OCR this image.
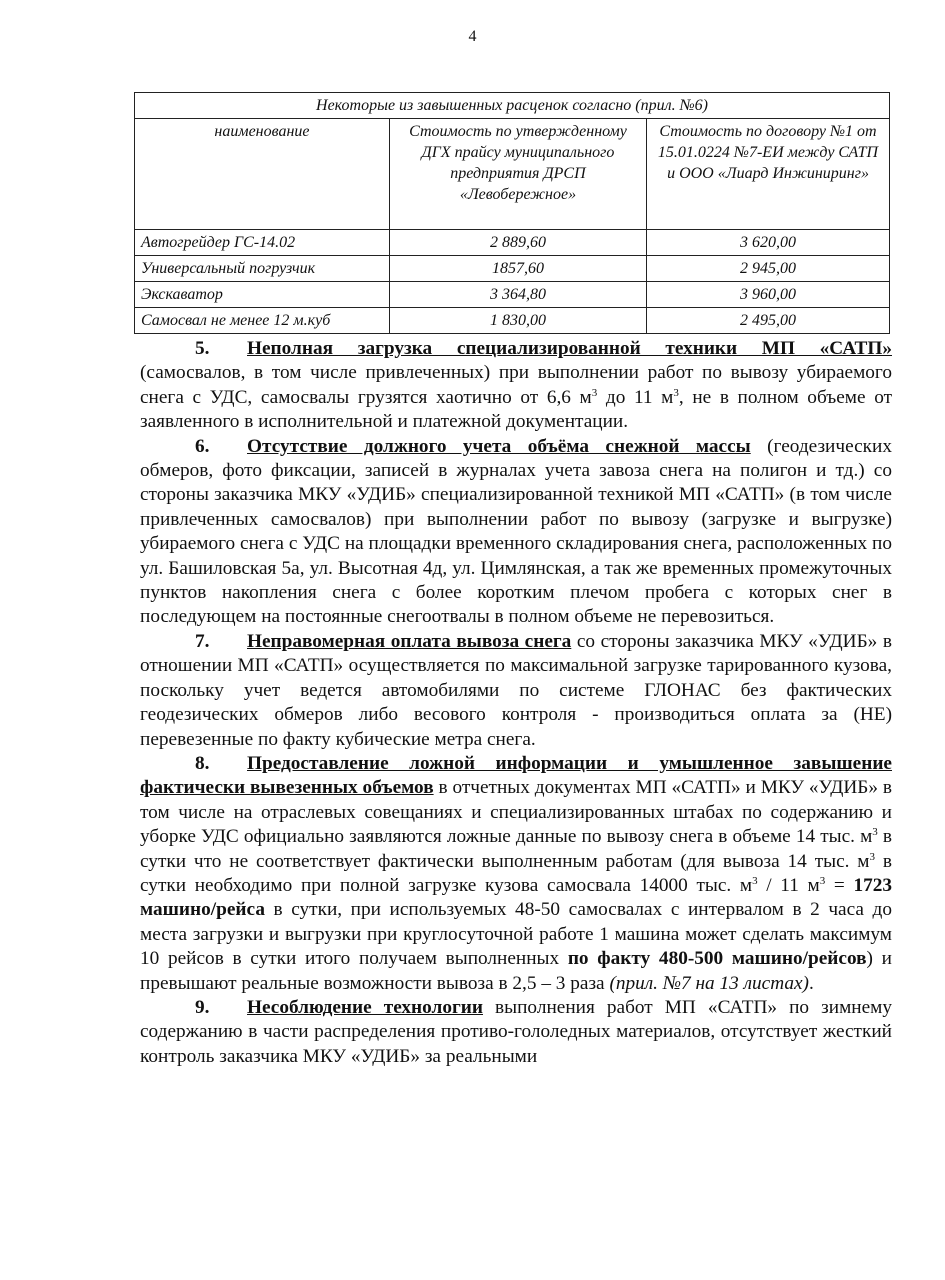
4
Некоторые из завышенных расценок согласно (прил. №6)		
наименование	Стоимость по утвержденному ДГХ прайсу муниципального предприятия ДРСП «Левобережное»	Стоимость по договору №1 от 15.01.0224 №7-ЕИ между САТП и ООО «Лиард Инжиниринг»
Автогрейдер ГС-14.02	2 889,60	3 620,00
Универсальный погрузчик	1857,60	2 945,00
Экскаватор	3 364,80	3 960,00
Самосвал не менее 12 м.куб	1 830,00	2 495,00

5. Неполная загрузка специализированной техники МП «САТП» (самосвалов, в том числе привлеченных) при выполнении работ по вывозу убираемого снега с УДС, самосвалы грузятся хаотично от 6,6 $м^3$ до 11 $м^3$, не в полном объеме от заявленного в исполнительной и платежной документации.

6. Отсутствие должного учета объёма снежной массы (геодезических обмеров, фото фиксации, записей в журналах учета завоза снега на полигон и тд.) со стороны заказчика МКУ «УДИБ» специализированной техникой МП «САТП» (в том числе привлеченных самосвалов) при выполнении работ по вывозу (загрузке и выгрузке) убираемого снега с УДС на площадки временного складирования снега, расположенных по ул. Башиловская 5а, ул. Высотная 4д, ул. Цимлянская, а так же временных промежуточных пунктов накопления снега с более коротким плечом пробега с которых снег в последующем на постоянные снегоотвалы в полном объеме не перевозиться.

7. Неправомерная оплата вывоза снега со стороны заказчика МКУ «УДИБ» в отношении МП «САТП» осуществляется по максимальной загрузке тарированного кузова, поскольку учет ведется автомобилями по системе ГЛОНАС без фактических геодезических обмеров либо весового контроля - производиться оплата за (НЕ) перевезенные по факту кубические метра снега.

8. Предоставление ложной информации и умышленное завышение фактически вывезенных объемов в отчетных документах МП «САТП» и МКУ «УДИБ» в том числе на отраслевых совещаниях и специализированных штабах по содержанию и уборке УДС официально заявляются ложные данные по вывозу снега в объеме 14 тыс. $м^3$ в сутки что не соответствует фактически выполненным работам (для вывоза 14 тыс. $м^3$ в сутки необходимо при полной загрузке кузова самосвала 14000 тыс. $м^3 / 11$ $м^3 = 1723$ машино/рейса в сутки, при используемых 48-50 самосвалах с интервалом в 2 часа до места загрузки и выгрузки при круглосуточной работе 1 машина может сделать максимум 10 рейсов в сутки итого получаем выполненных по факту 480-500 машино/рейсов) и превышают реальные возможности вывоза в 2,5 – 3 раза (прил. №7 на 13 листах).

9. Несоблюдение технологии выполнения работ МП «САТП» по зимнему содержанию в части распределения противо-гололедных материалов, отсутствует жесткий контроль заказчика МКУ «УДИБ» за реальными
